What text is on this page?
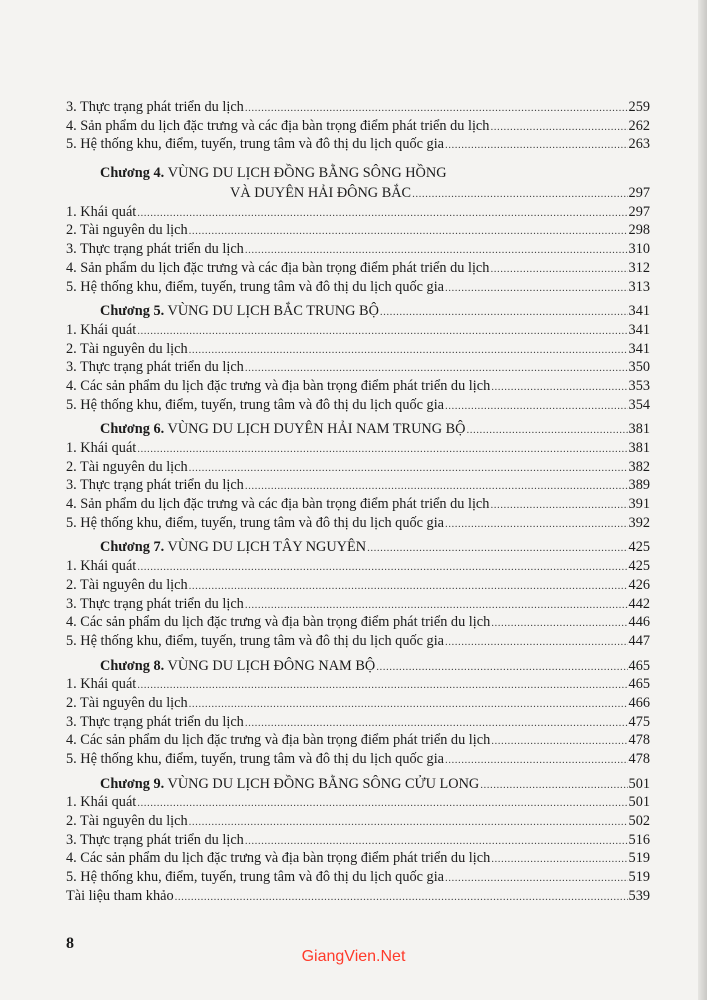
3. Thực trạng phát triển du lịch .....	259
4. Sản phẩm du lịch đặc trưng và các địa bàn trọng điểm phát triển du lịch .....	262
5. Hệ thống khu, điểm, tuyến, trung tâm và đô thị du lịch quốc gia .....	263
Chương 4.
VÙNG DU LỊCH ĐỒNG BẰNG SÔNG HỒNG
VÀ DUYÊN HẢI ĐÔNG BẮC .....	297
1. Khái quát .....	297
2. Tài nguyên du lịch .....	298
3. Thực trạng phát triển du lịch .....	310
4. Sản phẩm du lịch đặc trưng và các địa bàn trọng điểm phát triển du lịch .....	312
5. Hệ thống khu, điểm, tuyến, trung tâm và đô thị du lịch quốc gia .....	313
Chương 5. VÙNG DU LỊCH BẮC TRUNG BỘ .....	341
1. Khái quát .....	341
2. Tài nguyên du lịch .....	341
3. Thực trạng phát triển du lịch .....	350
4. Các sản phẩm du lịch đặc trưng và địa bàn trọng điểm phát triển du lịch .....	353
5. Hệ thống khu, điểm, tuyến, trung tâm và đô thị du lịch quốc gia .....	354
Chương 6. VÙNG DU LỊCH DUYÊN HẢI NAM TRUNG BỘ .....	381
1. Khái quát .....	381
2. Tài nguyên du lịch .....	382
3. Thực trạng phát triển du lịch .....	389
4. Sản phẩm du lịch đặc trưng và các địa bàn trọng điểm phát triển du lịch .....	391
5. Hệ thống khu, điểm, tuyến, trung tâm và đô thị du lịch quốc gia .....	392
Chương 7. VÙNG DU LỊCH TÂY NGUYÊN .....	425
1. Khái quát .....	425
2. Tài nguyên du lịch .....	426
3. Thực trạng phát triển du lịch .....	442
4. Các sản phẩm du lịch đặc trưng và địa bàn trọng điểm phát triển du lịch .....	446
5. Hệ thống khu, điểm, tuyến, trung tâm và đô thị du lịch quốc gia .....	447
Chương 8. VÙNG DU LỊCH ĐÔNG NAM BỘ .....	465
1. Khái quát .....	465
2. Tài nguyên du lịch .....	466
3. Thực trạng phát triển du lịch .....	475
4. Các sản phẩm du lịch đặc trưng và địa bàn trọng điểm phát triển du lịch .....	478
5. Hệ thống khu, điểm, tuyến, trung tâm và đô thị du lịch quốc gia .....	478
Chương 9. VÙNG DU LỊCH ĐỒNG BẰNG SÔNG CỬU LONG .....	501
1. Khái quát .....	501
2. Tài nguyên du lịch .....	502
3. Thực trạng phát triển du lịch .....	516
4. Các sản phẩm du lịch đặc trưng và địa bàn trọng điểm phát triển du lịch .....	519
5. Hệ thống khu, điểm, tuyến, trung tâm và đô thị du lịch quốc gia .....	519
Tài liệu tham khảo .....	539
8
GiangVien.Net
